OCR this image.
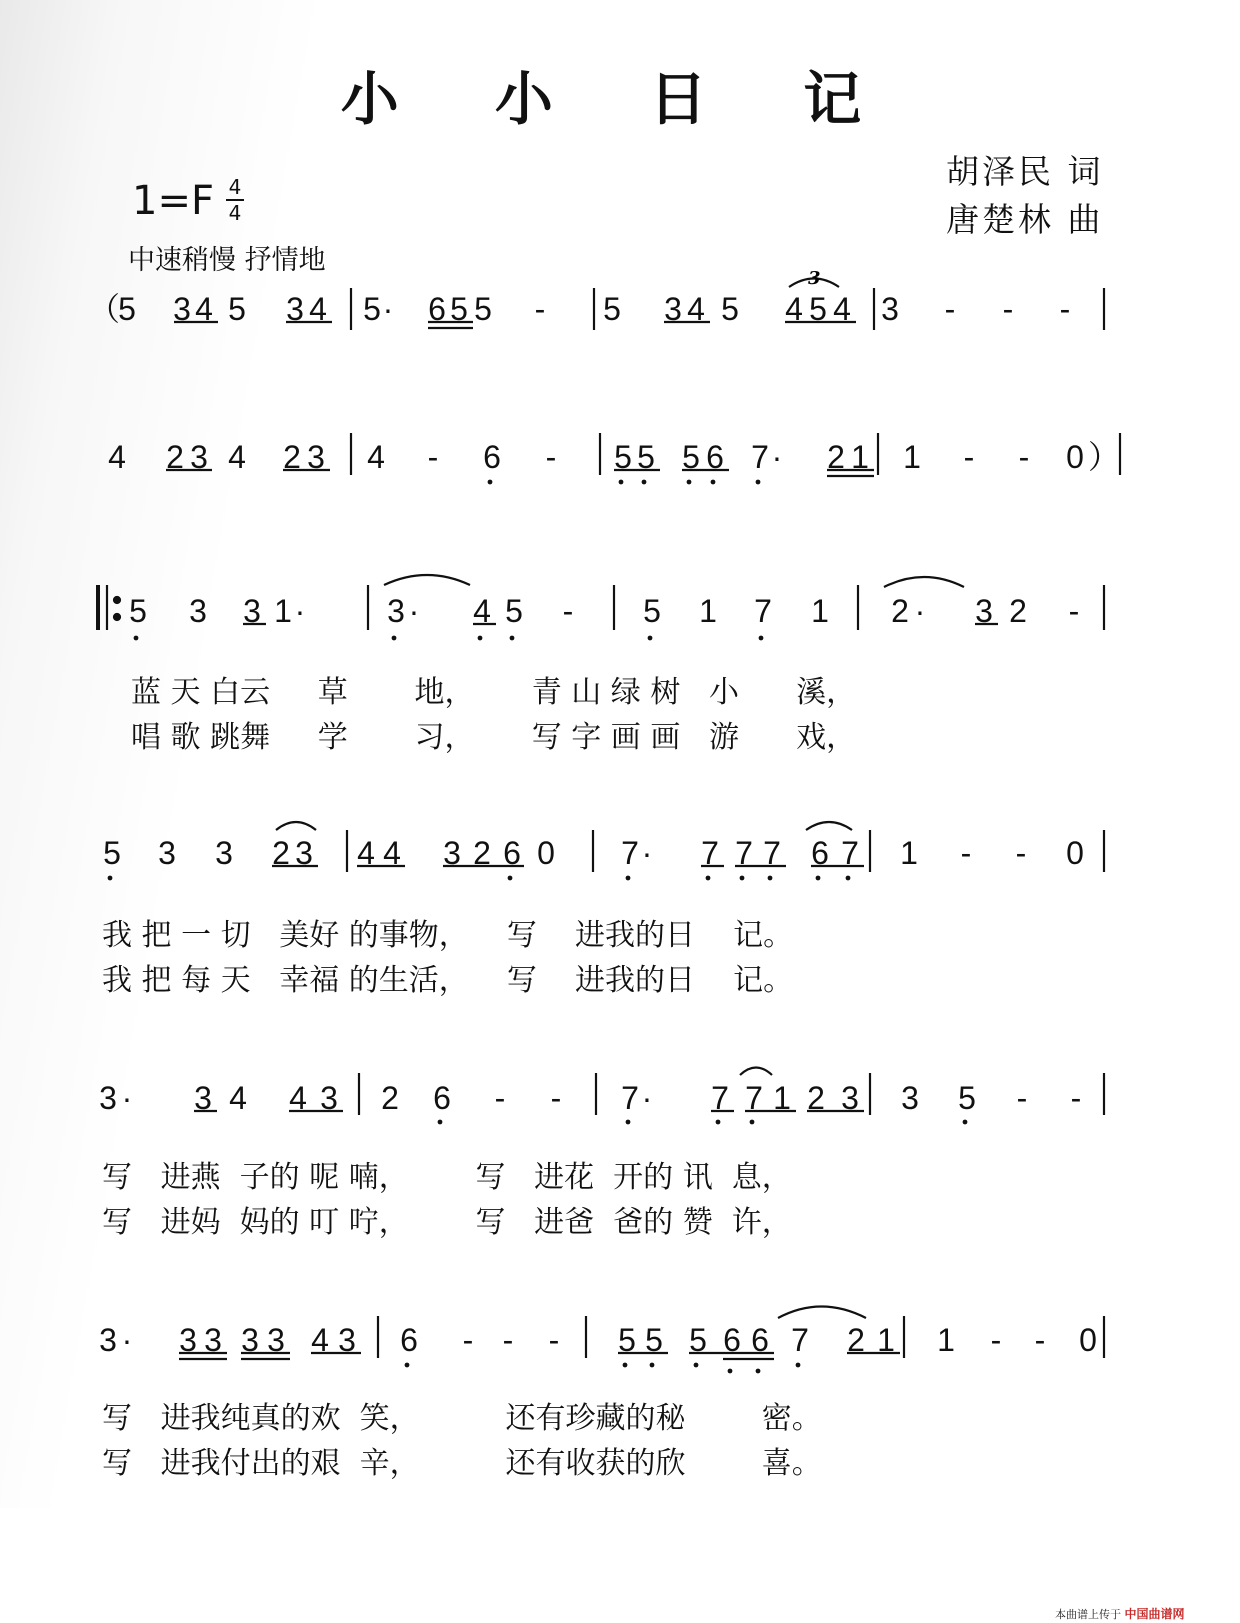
小 小 日 记
胡泽民 词
唐楚林 曲
1=F 4
4
中速稍慢 抒情地
（
5 3 4 5 3 4 5 · 6 5 5 - 5 3 4 5 4 5 4 3 - - -
4 2 3 4 2 3 4 - 6 - 5 5 5 6 7 · 2 1 1 - - 0 ）
5 3 3 1 ·	3 · 4 5 - 5 1 7 1 2 · 3 2 -
5 3 3 2 3 4 4 3 2 6 0 7 · 7 7 7 6 7 1 - - 0
3 · 3 4 4 3 2 6 - - 7 · 7 7 1 2 3 3 5 - -
3 · 3 3 3 3 4 3 6 - - - 5 5 5 6 6 7 2 1 1 - - 0
3
蓝 天 白云     草       地，      青 山 绿 树   小      溪，
唱 歌 跳舞     学       习，      写 字 画 画   游      戏，
我 把 一 切   美好 的事物，    写    进我的日    记。
我 把 每 天   幸福 的生活，    写    进我的日    记。
写   进燕  子的 呢 喃，       写   进花  开的 讯  息，
写   进妈  妈的 叮 咛，       写   进爸  爸的 赞  许，
写   进我纯真的欢  笑，         还有珍藏的秘        密。
写   进我付出的艰  辛，         还有收获的欣        喜。
本曲谱上传于 中国曲谱网
